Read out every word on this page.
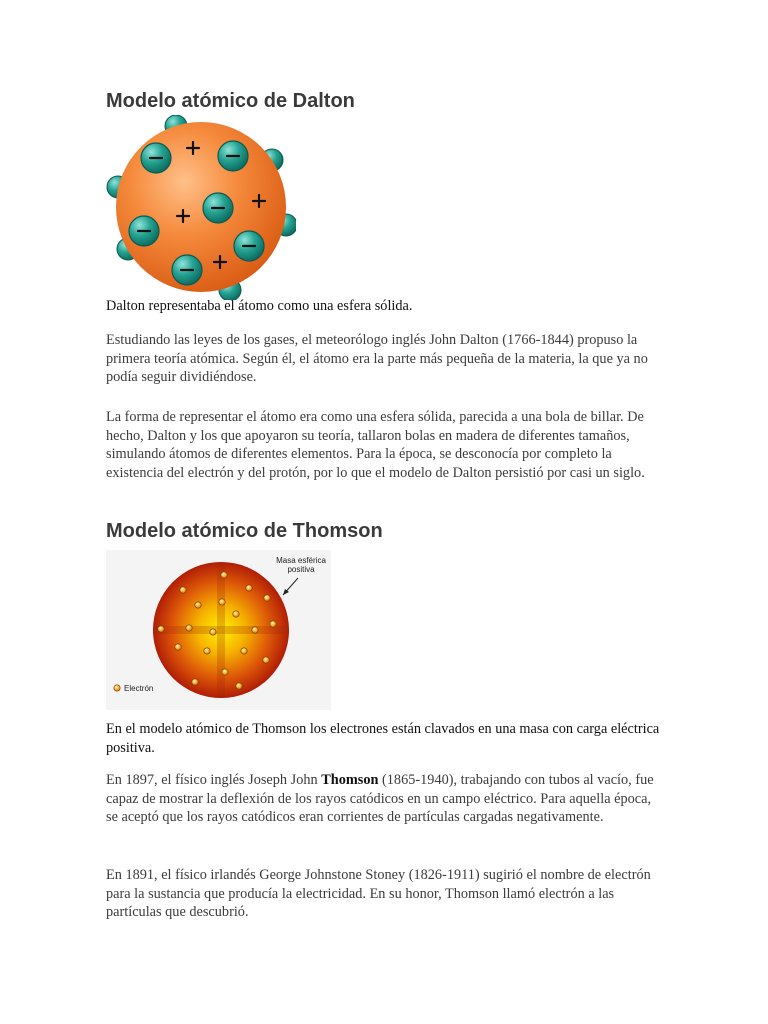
Modelo atómico de Dalton

Dalton representaba el átomo como una esfera sólida.

Estudiando las leyes de los gases, el meteorólogo inglés John Dalton (1766-1844) propuso la primera teoría atómica. Según él, el átomo era la parte más pequeña de la materia, la que ya no podía seguir dividiéndose.

La forma de representar el átomo era como una esfera sólida, parecida a una bola de billar. De hecho, Dalton y los que apoyaron su teoría, tallaron bolas en madera de diferentes tamaños, simulando átomos de diferentes elementos. Para la época, se desconocía por completo la existencia del electrón y del protón, por lo que el modelo de Dalton persistió por casi un siglo.

Modelo atómico de Thomson
Masa esférica
positiva
Electrón

En el modelo atómico de Thomson los electrones están clavados en una masa con carga eléctrica positiva.

En 1897, el físico inglés Joseph John Thomson (1865-1940), trabajando con tubos al vacío, fue capaz de mostrar la deflexión de los rayos catódicos en un campo eléctrico. Para aquella época, se aceptó que los rayos catódicos eran corrientes de partículas cargadas negativamente.

En 1891, el físico irlandés George Johnstone Stoney (1826-1911) sugirió el nombre de electrón para la sustancia que producía la electricidad. En su honor, Thomson llamó electrón a las partículas que descubrió.
